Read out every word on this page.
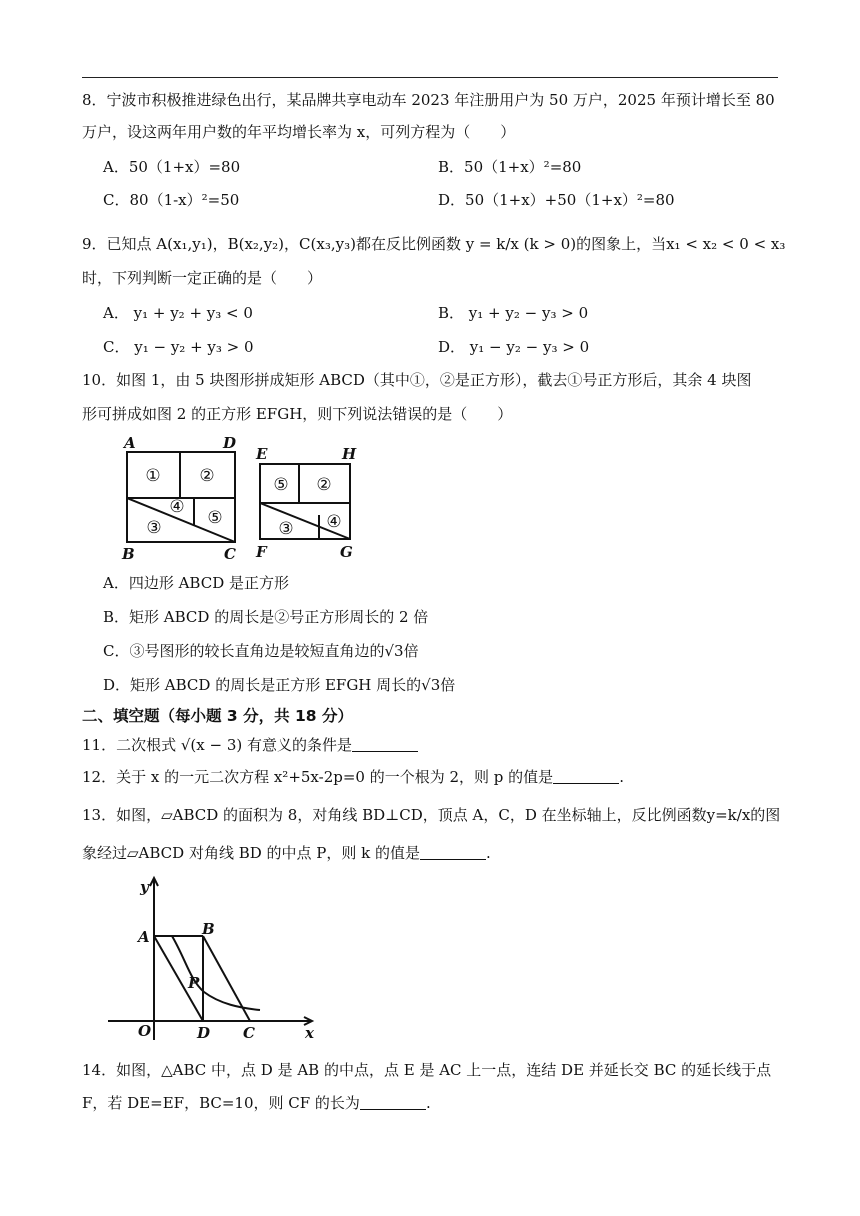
8．宁波市积极推进绿色出行，某品牌共享电动车 2023 年注册用户为 50 万户，2025 年预计增长至 80
万户，设这两年用户数的年平均增长率为 x，可列方程为（　　）
A．50（1+x）=80	B．50（1+x）²=80
C．80（1-x）²=50	D．50（1+x）+50（1+x）²=80
9．已知点 A(x₁,y₁)，B(x₂,y₂)，C(x₃,y₃)都在反比例函数 y = k/x (k > 0)的图象上，当x₁ < x₂ < 0 < x₃
时，下列判断一定正确的是（　　）
A． y₁ + y₂ + y₃ < 0	B． y₁ + y₂ − y₃ > 0
C． y₁ − y₂ + y₃ > 0	D． y₁ − y₂ − y₃ > 0
10．如图 1，由 5 块图形拼成矩形 ABCD（其中①，②是正方形），截去①号正方形后，其余 4 块图
形可拼成如图 2 的正方形 EFGH，则下列说法错误的是（　　）
A	D
B	C
① ②
③
④
⑤
E	H
F	G
⑤ ②
③ ④
A．四边形 ABCD 是正方形
B．矩形 ABCD 的周长是②号正方形周长的 2 倍
C．③号图形的较长直角边是较短直角边的√3倍
D．矩形 ABCD 的周长是正方形 EFGH 周长的√3倍
二、填空题（每小题 3 分，共 18 分）
11．二次根式 √(x − 3) 有意义的条件是
12．关于 x 的一元二次方程 x²+5x-2p=0 的一个根为 2，则 p 的值是	.
13．如图，▱ABCD 的面积为 8，对角线 BD⊥CD，顶点 A，C，D 在坐标轴上，反比例函数y=k/x的图
象经过▱ABCD 对角线 BD 的中点 P，则 k 的值是	.
y
A	B
P
O	D C	x
14．如图，△ABC 中，点 D 是 AB 的中点，点 E 是 AC 上一点，连结 DE 并延长交 BC 的延长线于点
F，若 DE=EF，BC=10，则 CF 的长为	.
